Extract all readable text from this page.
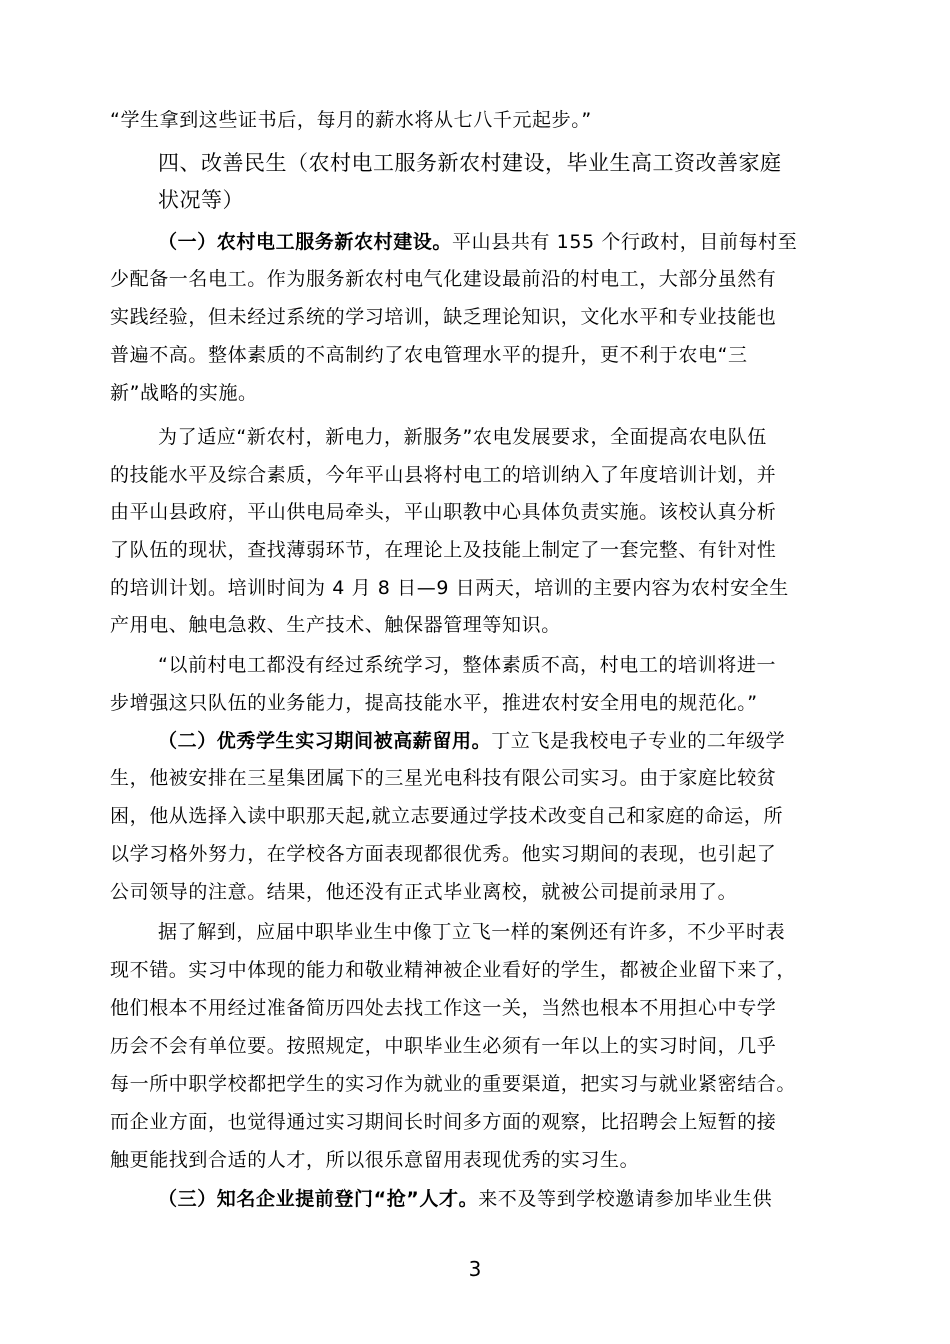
“学生拿到这些证书后，每月的薪水将从七八千元起步。”
四、改善民生（农村电工服务新农村建设，毕业生高工资改善家庭
状况等）
（一）农村电工服务新农村建设。平山县共有 155 个行政村，目前每村至
少配备一名电工。作为服务新农村电气化建设最前沿的村电工，大部分虽然有
实践经验，但未经过系统的学习培训，缺乏理论知识，文化水平和专业技能也
普遍不高。整体素质的不高制约了农电管理水平的提升，更不利于农电“三
新”战略的实施。
为了适应“新农村，新电力，新服务”农电发展要求，全面提高农电队伍
的技能水平及综合素质，今年平山县将村电工的培训纳入了年度培训计划，并
由平山县政府，平山供电局牵头，平山职教中心具体负责实施。该校认真分析
了队伍的现状，查找薄弱环节，在理论上及技能上制定了一套完整、有针对性
的培训计划。培训时间为 4 月 8 日—9 日两天，培训的主要内容为农村安全生
产用电、触电急救、生产技术、触保器管理等知识。
“以前村电工都没有经过系统学习，整体素质不高，村电工的培训将进一
步增强这只队伍的业务能力，提高技能水平，推进农村安全用电的规范化。”
（二）优秀学生实习期间被高薪留用。丁立飞是我校电子专业的二年级学
生，他被安排在三星集团属下的三星光电科技有限公司实习。由于家庭比较贫
困，他从选择入读中职那天起,就立志要通过学技术改变自己和家庭的命运，所
以学习格外努力，在学校各方面表现都很优秀。他实习期间的表现，也引起了
公司领导的注意。结果，他还没有正式毕业离校，就被公司提前录用了。
据了解到，应届中职毕业生中像丁立飞一样的案例还有许多，不少平时表
现不错。实习中体现的能力和敬业精神被企业看好的学生，都被企业留下来了，
他们根本不用经过准备简历四处去找工作这一关，当然也根本不用担心中专学
历会不会有单位要。按照规定，中职毕业生必须有一年以上的实习时间，几乎
每一所中职学校都把学生的实习作为就业的重要渠道，把实习与就业紧密结合。
而企业方面，也觉得通过实习期间长时间多方面的观察，比招聘会上短暂的接
触更能找到合适的人才，所以很乐意留用表现优秀的实习生。
（三）知名企业提前登门“抢”人才。来不及等到学校邀请参加毕业生供
3
